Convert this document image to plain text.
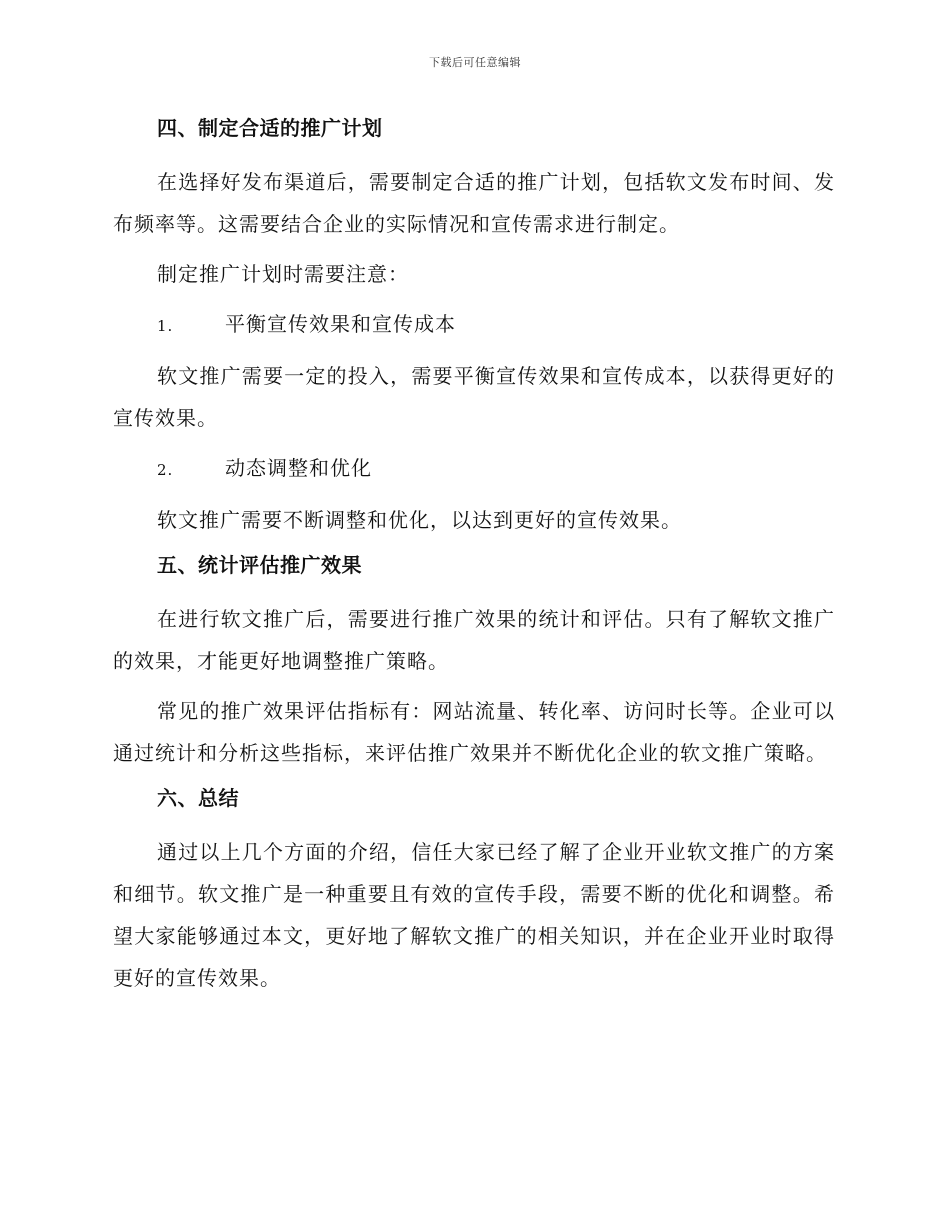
下载后可任意编辑
四、制定合适的推广计划

在选择好发布渠道后，需要制定合适的推广计划，包括软文发布时间、发布频率等。这需要结合企业的实际情况和宣传需求进行制定。

制定推广计划时需要注意：

1.	平衡宣传效果和宣传成本

软文推广需要一定的投入，需要平衡宣传效果和宣传成本，以获得更好的宣传效果。

2.	动态调整和优化

软文推广需要不断调整和优化，以达到更好的宣传效果。

五、统计评估推广效果

在进行软文推广后，需要进行推广效果的统计和评估。只有了解软文推广的效果，才能更好地调整推广策略。

常见的推广效果评估指标有：网站流量、转化率、访问时长等。企业可以通过统计和分析这些指标，来评估推广效果并不断优化企业的软文推广策略。

六、总结

通过以上几个方面的介绍，信任大家已经了解了企业开业软文推广的方案和细节。软文推广是一种重要且有效的宣传手段，需要不断的优化和调整。希望大家能够通过本文，更好地了解软文推广的相关知识，并在企业开业时取得更好的宣传效果。
